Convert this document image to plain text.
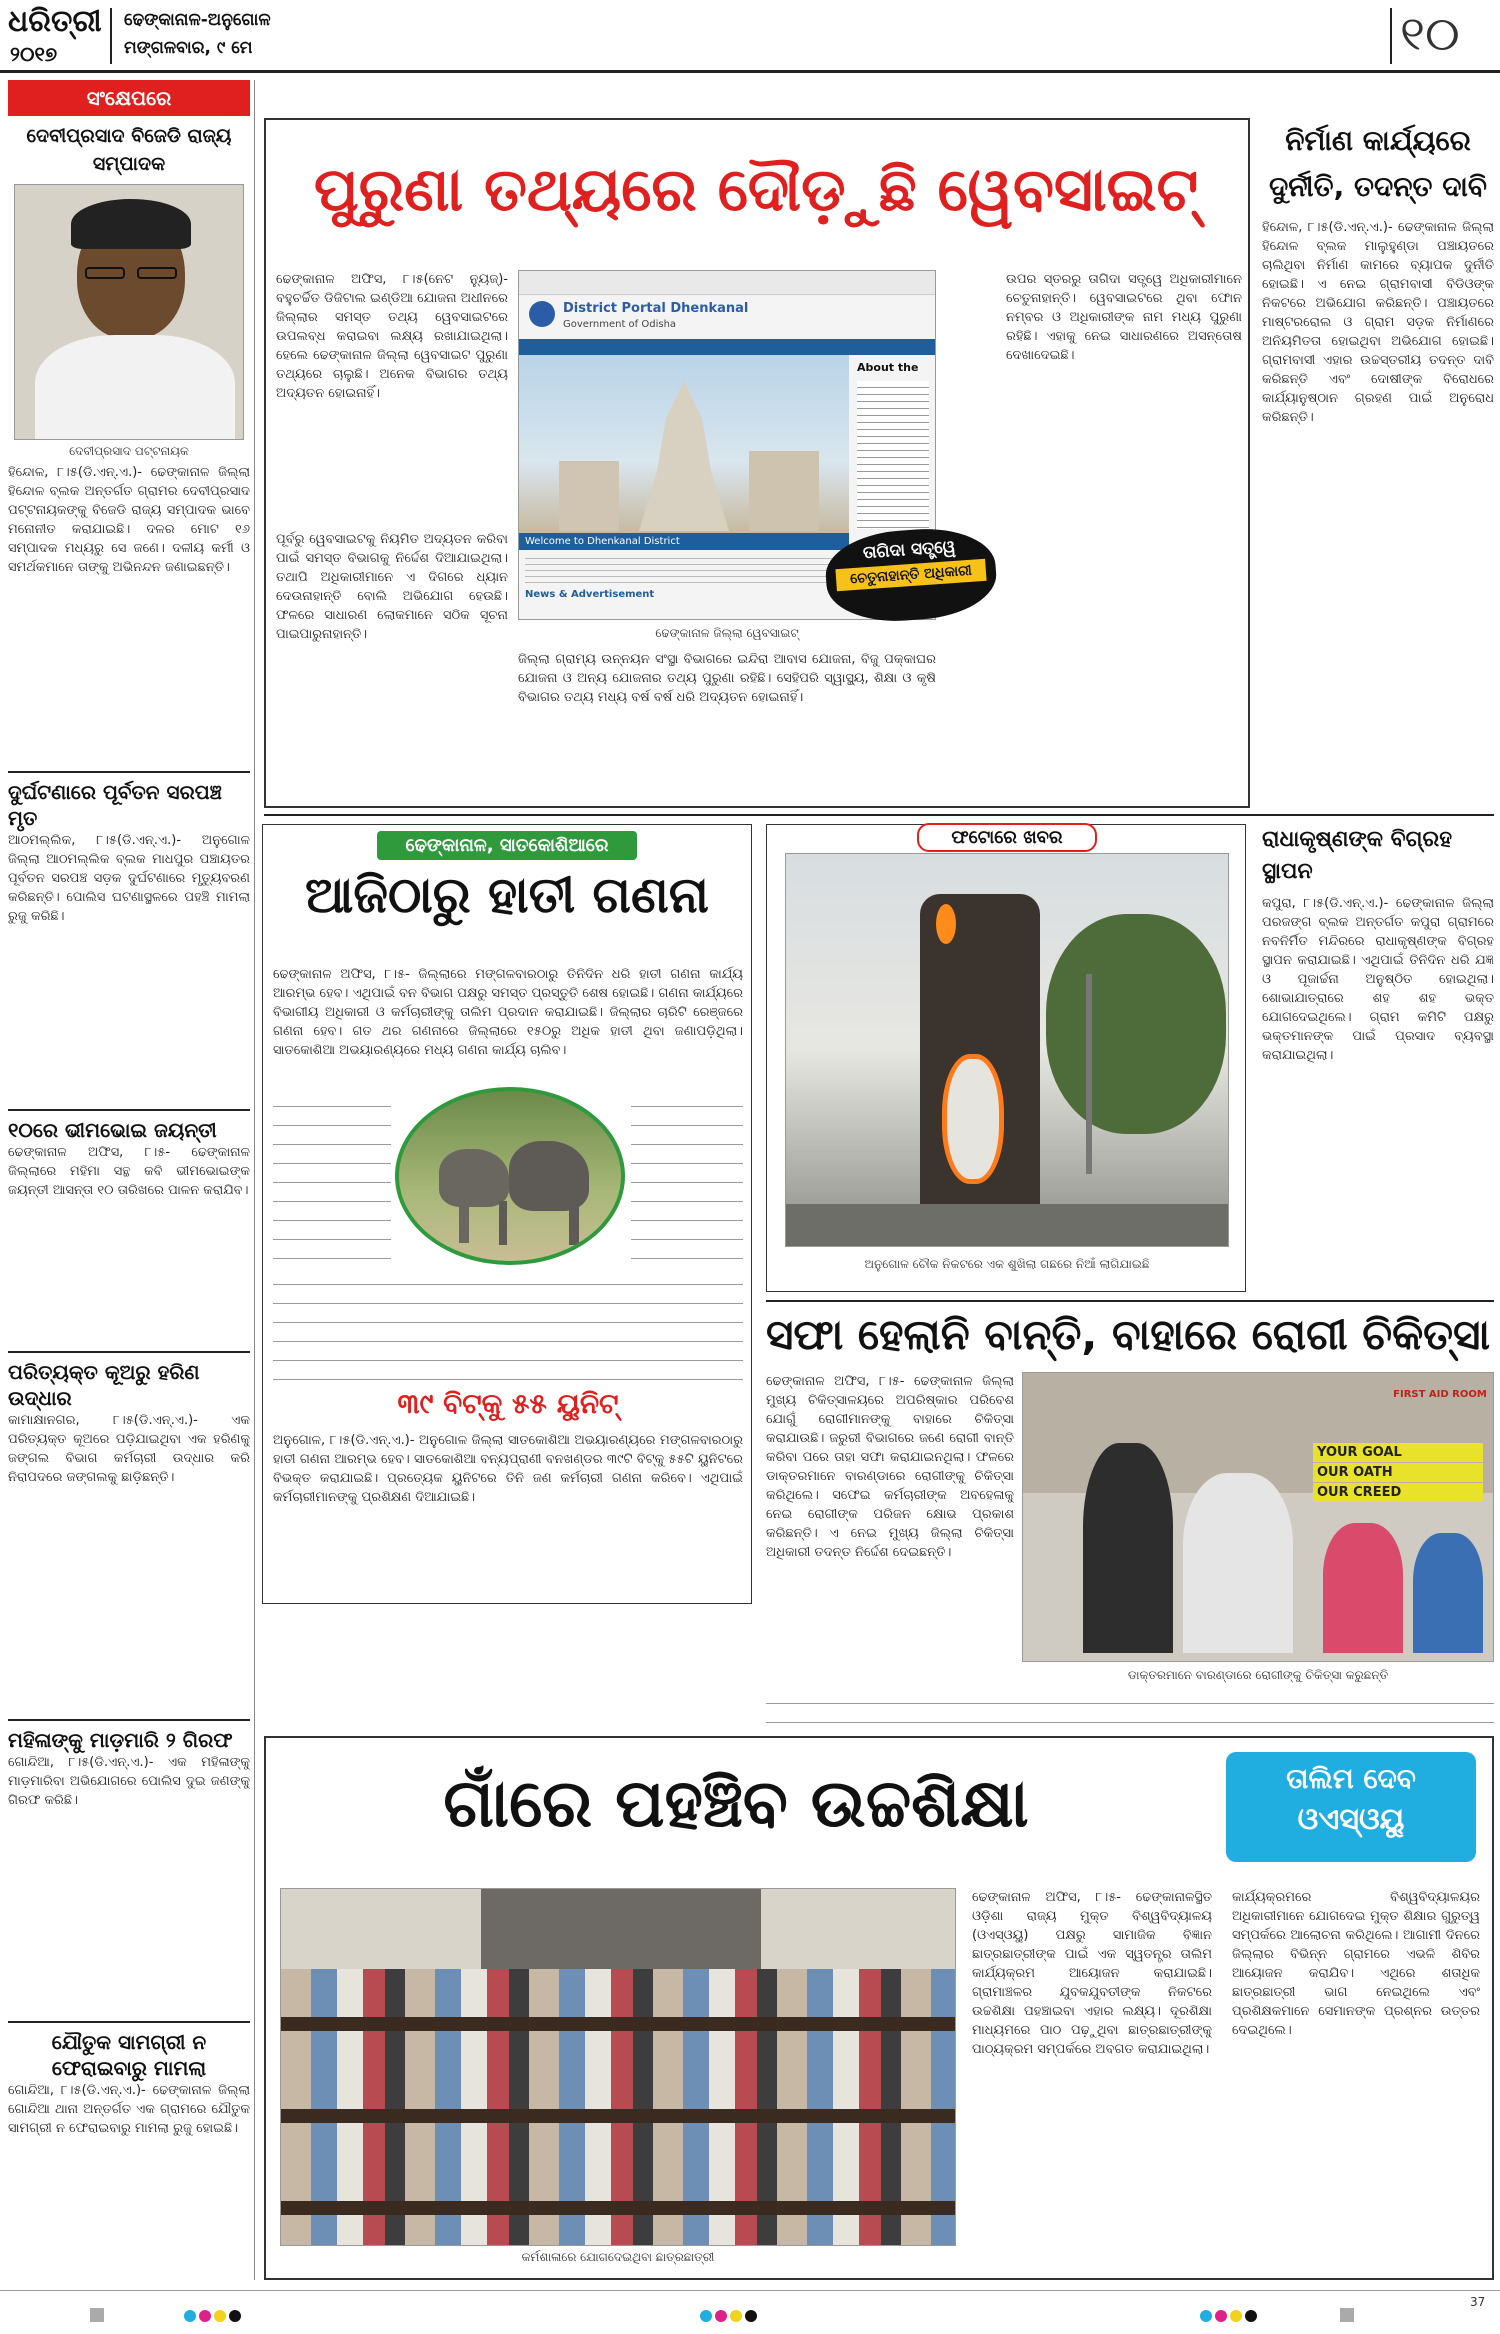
ଧରିତ୍ରୀ
୨୦୧୭
ଢେଙ୍କାନାଳ-ଅନୁଗୋଳ
ମଙ୍ଗଳବାର, ୯ ମେ	୧୦
ସଂକ୍ଷେପରେ
ଦେବୀପ୍ରସାଦ ବିଜେଡି ରାଜ୍ୟ ସମ୍ପାଦକ
ଦେବୀପ୍ରସାଦ ପଟ୍ଟନାୟକ
ହିନ୍ଦୋଳ, ୮।୫(ଡି.ଏନ୍.ଏ.)- ଢେଙ୍କାନାଳ ଜିଲ୍ଲା ହିନ୍ଦୋଳ ବ୍ଲକ ଅନ୍ତର୍ଗତ ଗ୍ରାମର ଦେବୀପ୍ରସାଦ ପଟ୍ଟନାୟକଙ୍କୁ ବିଜେଡି ରାଜ୍ୟ ସମ୍ପାଦକ ଭାବେ ମନୋନୀତ କରାଯାଇଛି। ଦଳର ମୋଟ ୧୬ ସମ୍ପାଦକ ମଧ୍ୟରୁ ସେ ଜଣେ। ଦଳୀୟ କର୍ମୀ ଓ ସମର୍ଥକମାନେ ତାଙ୍କୁ ଅଭିନନ୍ଦନ ଜଣାଇଛନ୍ତି।
ଦୁର୍ଘଟଣାରେ ପୂର୍ବତନ ସରପଞ୍ଚ ମୃତ
ଆଠମଲ୍ଲିକ, ୮।୫(ଡି.ଏନ୍.ଏ.)- ଅନୁଗୋଳ ଜିଲ୍ଲା ଆଠମଲ୍ଲିକ ବ୍ଲକ ମାଧପୁର ପଞ୍ଚାୟତର ପୂର୍ବତନ ସରପଞ୍ଚ ସଡ଼କ ଦୁର୍ଘଟଣାରେ ମୃତ୍ୟୁବରଣ କରିଛନ୍ତି। ପୋଲିସ ଘଟଣାସ୍ଥଳରେ ପହଞ୍ଚି ମାମଲା ରୁଜୁ କରିଛି।
୧୦ରେ ଭୀମଭୋଇ ଜୟନ୍ତୀ
ଢେଙ୍କାନାଳ ଅଫିସ, ୮।୫- ଢେଙ୍କାନାଳ ଜିଲ୍ଲାରେ ମହିମା ସନ୍ଥ କବି ଭୀମଭୋଇଙ୍କ ଜୟନ୍ତୀ ଆସନ୍ତା ୧୦ ତାରିଖରେ ପାଳନ କରାଯିବ।
ପରିତ୍ୟକ୍ତ କୂଅରୁ ହରିଣ ଉଦ୍ଧାର
କାମାକ୍ଷାନଗର, ୮।୫(ଡି.ଏନ୍.ଏ.)- ଏକ ପରିତ୍ୟକ୍ତ କୂଅରେ ପଡ଼ିଯାଇଥିବା ଏକ ହରିଣକୁ ଜଙ୍ଗଲ ବିଭାଗ କର୍ମଚାରୀ ଉଦ୍ଧାର କରି ନିରାପଦରେ ଜଙ୍ଗଲକୁ ଛାଡ଼ିଛନ୍ତି।
ମହିଳାଙ୍କୁ ମାଡ଼ମାରି ୨ ଗିରଫ
ଗୋନ୍ଦିଆ, ୮।୫(ଡି.ଏନ୍.ଏ.)- ଏକ ମହିଳାଙ୍କୁ ମାଡ଼ମାରିବା ଅଭିଯୋଗରେ ପୋଲିସ ଦୁଇ ଜଣଙ୍କୁ ଗିରଫ କରିଛି।
ଯୌତୁକ ସାମଗ୍ରୀ ନ ଫେରାଇବାରୁ ମାମଲା
ଗୋନ୍ଦିଆ, ୮।୫(ଡି.ଏନ୍.ଏ.)- ଢେଙ୍କାନାଳ ଜିଲ୍ଲା ଗୋନ୍ଦିଆ ଥାନା ଅନ୍ତର୍ଗତ ଏକ ଗ୍ରାମରେ ଯୌତୁକ ସାମଗ୍ରୀ ନ ଫେରାଇବାରୁ ମାମଲା ରୁଜୁ ହୋଇଛି।
ପୁରୁଣା ତଥ୍ୟରେ ଦୌଡ଼ୁଛି ୱେବସାଇଟ୍
ଢେଙ୍କାନାଳ ଅଫିସ, ୮।୫(ନେଟ ନ୍ୟୁଜ୍)- ବହୁଚର୍ଚ୍ଚିତ ଡିଜିଟାଲ ଇଣ୍ଡିଆ ଯୋଜନା ଅଧୀନରେ ଜିଲ୍ଲାର ସମସ୍ତ ତଥ୍ୟ ୱେବସାଇଟରେ ଉପଲବ୍ଧ କରାଇବା ଲକ୍ଷ୍ୟ ରଖାଯାଇଥିଲା। ହେଲେ ଢେଙ୍କାନାଳ ଜିଲ୍ଲା ୱେବସାଇଟ ପୁରୁଣା ତଥ୍ୟରେ ଚାଲୁଛି। ଅନେକ ବିଭାଗର ତଥ୍ୟ ଅଦ୍ୟତନ ହୋଇନାହିଁ।
ପୂର୍ବରୁ ୱେବସାଇଟକୁ ନିୟମିତ ଅଦ୍ୟତନ କରିବା ପାଇଁ ସମସ୍ତ ବିଭାଗକୁ ନିର୍ଦ୍ଦେଶ ଦିଆଯାଇଥିଲା। ତଥାପି ଅଧିକାରୀମାନେ ଏ ଦିଗରେ ଧ୍ୟାନ ଦେଉନାହାନ୍ତି ବୋଲି ଅଭିଯୋଗ ହେଉଛି। ଫଳରେ ସାଧାରଣ ଲୋକମାନେ ସଠିକ ସୂଚନା ପାଇପାରୁନାହାନ୍ତି।
District Portal Dhenkanal
Government of Odisha
About the
Welcome to Dhenkanal District
News & Advertisement
ଢେଙ୍କାନାଳ ଜିଲ୍ଲା ୱେବସାଇଟ୍
ତାଗିଦା ସତ୍ତ୍ୱେ
ଚେତୁନାହାନ୍ତି ଅଧିକାରୀ
ଜିଲ୍ଲା ଗ୍ରାମ୍ୟ ଉନ୍ନୟନ ସଂସ୍ଥା ବିଭାଗରେ ଇନ୍ଦିରା ଆବାସ ଯୋଜନା, ବିଜୁ ପକ୍କାଘର ଯୋଜନା ଓ ଅନ୍ୟ ଯୋଜନାର ତଥ୍ୟ ପୁରୁଣା ରହିଛି। ସେହିପରି ସ୍ୱାସ୍ଥ୍ୟ, ଶିକ୍ଷା ଓ କୃଷି ବିଭାଗର ତଥ୍ୟ ମଧ୍ୟ ବର୍ଷ ବର୍ଷ ଧରି ଅଦ୍ୟତନ ହୋଇନାହିଁ।
ଉପର ସ୍ତରରୁ ତାଗିଦା ସତ୍ତ୍ୱେ ଅଧିକାରୀମାନେ ଚେତୁନାହାନ୍ତି। ୱେବସାଇଟରେ ଥିବା ଫୋନ ନମ୍ବର ଓ ଅଧିକାରୀଙ୍କ ନାମ ମଧ୍ୟ ପୁରୁଣା ରହିଛି। ଏହାକୁ ନେଇ ସାଧାରଣରେ ଅସନ୍ତୋଷ ଦେଖାଦେଇଛି।
ନିର୍ମାଣ କାର୍ଯ୍ୟରେ ଦୁର୍ନୀତି, ତଦନ୍ତ ଦାବି
ହିନ୍ଦୋଳ, ୮।୫(ଡି.ଏନ୍.ଏ.)- ଢେଙ୍କାନାଳ ଜିଲ୍ଲା ହିନ୍ଦୋଳ ବ୍ଲକ ମାଲୁହୁଣ୍ଡା ପଞ୍ଚାୟତରେ ଚାଲିଥିବା ନିର୍ମାଣ କାମରେ ବ୍ୟାପକ ଦୁର୍ନୀତି ହୋଇଛି। ଏ ନେଇ ଗ୍ରାମବାସୀ ବିଡିଓଙ୍କ ନିକଟରେ ଅଭିଯୋଗ କରିଛନ୍ତି। ପଞ୍ଚାୟତରେ ମାଷ୍ଟରରୋଲ ଓ ଗ୍ରାମ ସଡ଼କ ନିର୍ମାଣରେ ଅନିୟମିତତା ହୋଇଥିବା ଅଭିଯୋଗ ହୋଇଛି। ଗ୍ରାମବାସୀ ଏହାର ଉଚ୍ଚସ୍ତରୀୟ ତଦନ୍ତ ଦାବି କରିଛନ୍ତି ଏବଂ ଦୋଷୀଙ୍କ ବିରୋଧରେ କାର୍ଯ୍ୟାନୁଷ୍ଠାନ ଗ୍ରହଣ ପାଇଁ ଅନୁରୋଧ କରିଛନ୍ତି।
ଢେଙ୍କାନାଳ, ସାତକୋଶିଆରେ
ଆଜିଠାରୁ ହାତୀ ଗଣନା
ଢେଙ୍କାନାଳ ଅଫିସ, ୮।୫- ଜିଲ୍ଲାରେ ମଙ୍ଗଳବାରଠାରୁ ତିନିଦିନ ଧରି ହାତୀ ଗଣନା କାର୍ଯ୍ୟ ଆରମ୍ଭ ହେବ। ଏଥିପାଇଁ ବନ ବିଭାଗ ପକ୍ଷରୁ ସମସ୍ତ ପ୍ରସ୍ତୁତି ଶେଷ ହୋଇଛି। ଗଣନା କାର୍ଯ୍ୟରେ ବିଭାଗୀୟ ଅଧିକାରୀ ଓ କର୍ମଚାରୀଙ୍କୁ ତାଲିମ ପ୍ରଦାନ କରାଯାଇଛି। ଜିଲ୍ଲାର ଚାରିଟି ରେଞ୍ଜରେ ଗଣନା ହେବ। ଗତ ଥର ଗଣନାରେ ଜିଲ୍ଲାରେ ୧୫୦ରୁ ଅଧିକ ହାତୀ ଥିବା ଜଣାପଡ଼ିଥିଲା। ସାତକୋଶିଆ ଅଭୟାରଣ୍ୟରେ ମଧ୍ୟ ଗଣନା କାର୍ଯ୍ୟ ଚାଲିବ।
୩୯ ବିଟ୍‌କୁ ୫୫ ୟୁନିଟ୍
ଅନୁଗୋଳ, ୮।୫(ଡି.ଏନ୍.ଏ.)- ଅନୁଗୋଳ ଜିଲ୍ଲା ସାତକୋଶିଆ ଅଭୟାରଣ୍ୟରେ ମଙ୍ଗଳବାରଠାରୁ ହାତୀ ଗଣନା ଆରମ୍ଭ ହେବ। ସାତକୋଶିଆ ବନ୍ୟପ୍ରାଣୀ ବନଖଣ୍ଡର ୩୯ଟି ବିଟ୍‌କୁ ୫୫ଟି ୟୁନିଟରେ ବିଭକ୍ତ କରାଯାଇଛି। ପ୍ରତ୍ୟେକ ୟୁନିଟରେ ତିନି ଜଣ କର୍ମଚାରୀ ଗଣନା କରିବେ। ଏଥିପାଇଁ କର୍ମଚାରୀମାନଙ୍କୁ ପ୍ରଶିକ୍ଷଣ ଦିଆଯାଇଛି।
ଫଟୋରେ ଖବର
ଅନୁଗୋଳ ଚୌକ ନିକଟରେ ଏକ ଶୁଖିଲା ଗଛରେ ନିଆଁ ଲାଗିଯାଇଛି
ରାଧାକୃଷ୍ଣଙ୍କ ବିଗ୍ରହ ସ୍ଥାପନ
କପୁରା, ୮।୫(ଡି.ଏନ୍.ଏ.)- ଢେଙ୍କାନାଳ ଜିଲ୍ଲା ପରଜଙ୍ଗ ବ୍ଲକ ଅନ୍ତର୍ଗତ କପୁରା ଗ୍ରାମରେ ନବନିର୍ମିତ ମନ୍ଦିରରେ ରାଧାକୃଷ୍ଣଙ୍କ ବିଗ୍ରହ ସ୍ଥାପନ କରାଯାଇଛି। ଏଥିପାଇଁ ତିନିଦିନ ଧରି ଯଜ୍ଞ ଓ ପୂଜାର୍ଚ୍ଚନା ଅନୁଷ୍ଠିତ ହୋଇଥିଲା। ଶୋଭାଯାତ୍ରାରେ ଶହ ଶହ ଭକ୍ତ ଯୋଗଦେଇଥିଲେ। ଗ୍ରାମ କମିଟି ପକ୍ଷରୁ ଭକ୍ତମାନଙ୍କ ପାଇଁ ପ୍ରସାଦ ବ୍ୟବସ୍ଥା କରାଯାଇଥିଲା।
ସଫା ହେଲାନି ବାନ୍ତି, ବାହାରେ ରୋଗୀ ଚିକିତ୍ସା
ଢେଙ୍କାନାଳ ଅଫିସ, ୮।୫- ଢେଙ୍କାନାଳ ଜିଲ୍ଲା ମୁଖ୍ୟ ଚିକିତ୍ସାଳୟରେ ଅପରିଷ୍କାର ପରିବେଶ ଯୋଗୁଁ ରୋଗୀମାନଙ୍କୁ ବାହାରେ ଚିକିତ୍ସା କରାଯାଉଛି। ଜରୁରୀ ବିଭାଗରେ ଜଣେ ରୋଗୀ ବାନ୍ତି କରିବା ପରେ ତାହା ସଫା କରାଯାଇନଥିଲା। ଫଳରେ ଡାକ୍ତରମାନେ ବାରଣ୍ଡାରେ ରୋଗୀଙ୍କୁ ଚିକିତ୍ସା କରିଥିଲେ। ସଫେଇ କର୍ମଚାରୀଙ୍କ ଅବହେଳାକୁ ନେଇ ରୋଗୀଙ୍କ ପରିଜନ କ୍ଷୋଭ ପ୍ରକାଶ କରିଛନ୍ତି। ଏ ନେଇ ମୁଖ୍ୟ ଜିଲ୍ଲା ଚିକିତ୍ସା ଅଧିକାରୀ ତଦନ୍ତ ନିର୍ଦ୍ଦେଶ ଦେଇଛନ୍ତି।
YOUR GOAL
OUR OATH
OUR CREED
FIRST AID ROOM
ଡାକ୍ତରମାନେ ବାରଣ୍ଡାରେ ରୋଗୀଙ୍କୁ ଚିକିତ୍ସା କରୁଛନ୍ତି
ଗାଁରେ ପହଞ୍ଚିବ ଉଚ୍ଚଶିକ୍ଷା	ତାଲିମ ଦେବ
ଓଏସ୍‌ଓୟୁ
କର୍ମଶାଳାରେ ଯୋଗଦେଇଥିବା ଛାତ୍ରଛାତ୍ରୀ
ଢେଙ୍କାନାଳ ଅଫିସ, ୮।୫- ଢେଙ୍କାନାଳସ୍ଥିତ ଓଡ଼ିଶା ରାଜ୍ୟ ମୁକ୍ତ ବିଶ୍ୱବିଦ୍ୟାଳୟ (ଓଏସ୍‌ଓୟୁ) ପକ୍ଷରୁ ସାମାଜିକ ବିଜ୍ଞାନ ଛାତ୍ରଛାତ୍ରୀଙ୍କ ପାଇଁ ଏକ ସ୍ୱତନ୍ତ୍ର ତାଲିମ କାର୍ଯ୍ୟକ୍ରମ ଆୟୋଜନ କରାଯାଇଛି। ଗ୍ରାମାଞ୍ଚଳର ଯୁବକଯୁବତୀଙ୍କ ନିକଟରେ ଉଚ୍ଚଶିକ୍ଷା ପହଞ୍ଚାଇବା ଏହାର ଲକ୍ଷ୍ୟ। ଦୂରଶିକ୍ଷା ମାଧ୍ୟମରେ ପାଠ ପଢ଼ୁଥିବା ଛାତ୍ରଛାତ୍ରୀଙ୍କୁ ପାଠ୍ୟକ୍ରମ ସମ୍ପର୍କରେ ଅବଗତ କରାଯାଇଥିଲା।
କାର୍ଯ୍ୟକ୍ରମରେ ବିଶ୍ୱବିଦ୍ୟାଳୟର ଅଧିକାରୀମାନେ ଯୋଗଦେଇ ମୁକ୍ତ ଶିକ୍ଷାର ଗୁରୁତ୍ୱ ସମ୍ପର୍କରେ ଆଲୋଚନା କରିଥିଲେ। ଆଗାମୀ ଦିନରେ ଜିଲ୍ଲାର ବିଭିନ୍ନ ଗ୍ରାମରେ ଏଭଳି ଶିବିର ଆୟୋଜନ କରାଯିବ। ଏଥିରେ ଶତାଧିକ ଛାତ୍ରଛାତ୍ରୀ ଭାଗ ନେଇଥିଲେ ଏବଂ ପ୍ରଶିକ୍ଷକମାନେ ସେମାନଙ୍କ ପ୍ରଶ୍ନର ଉତ୍ତର ଦେଇଥିଲେ।

37
